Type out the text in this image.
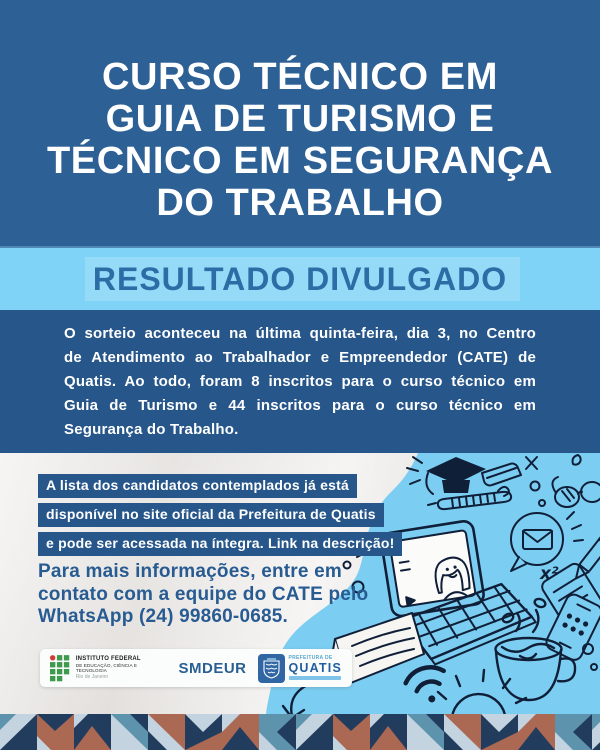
CURSO TÉCNICO EM
GUIA DE TURISMO E
TÉCNICO EM SEGURANÇA
DO TRABALHO
RESULTADO DIVULGADO
O sorteio aconteceu na última quinta-feira, dia 3, no Centro
de Atendimento ao Trabalhador e Empreendedor (CATE) de
Quatis. Ao todo, foram 8 inscritos para o curso técnico em
Guia de Turismo e 44 inscritos para o curso técnico em
Segurança do Trabalho.
x²
A lista dos candidatos contemplados já está
disponível no site oficial da Prefeitura de Quatis
e pode ser acessada na íntegra. Link na descrição!
Para mais informações, entre em
contato com a equipe do CATE pelo
WhatsApp (24) 99860-0685.
INSTITUTO FEDERAL
DE EDUCAÇÃO, CIÊNCIA E TECNOLOGIA
Rio de Janeiro
SMDEUR
PREFEITURA DE
QUATIS
